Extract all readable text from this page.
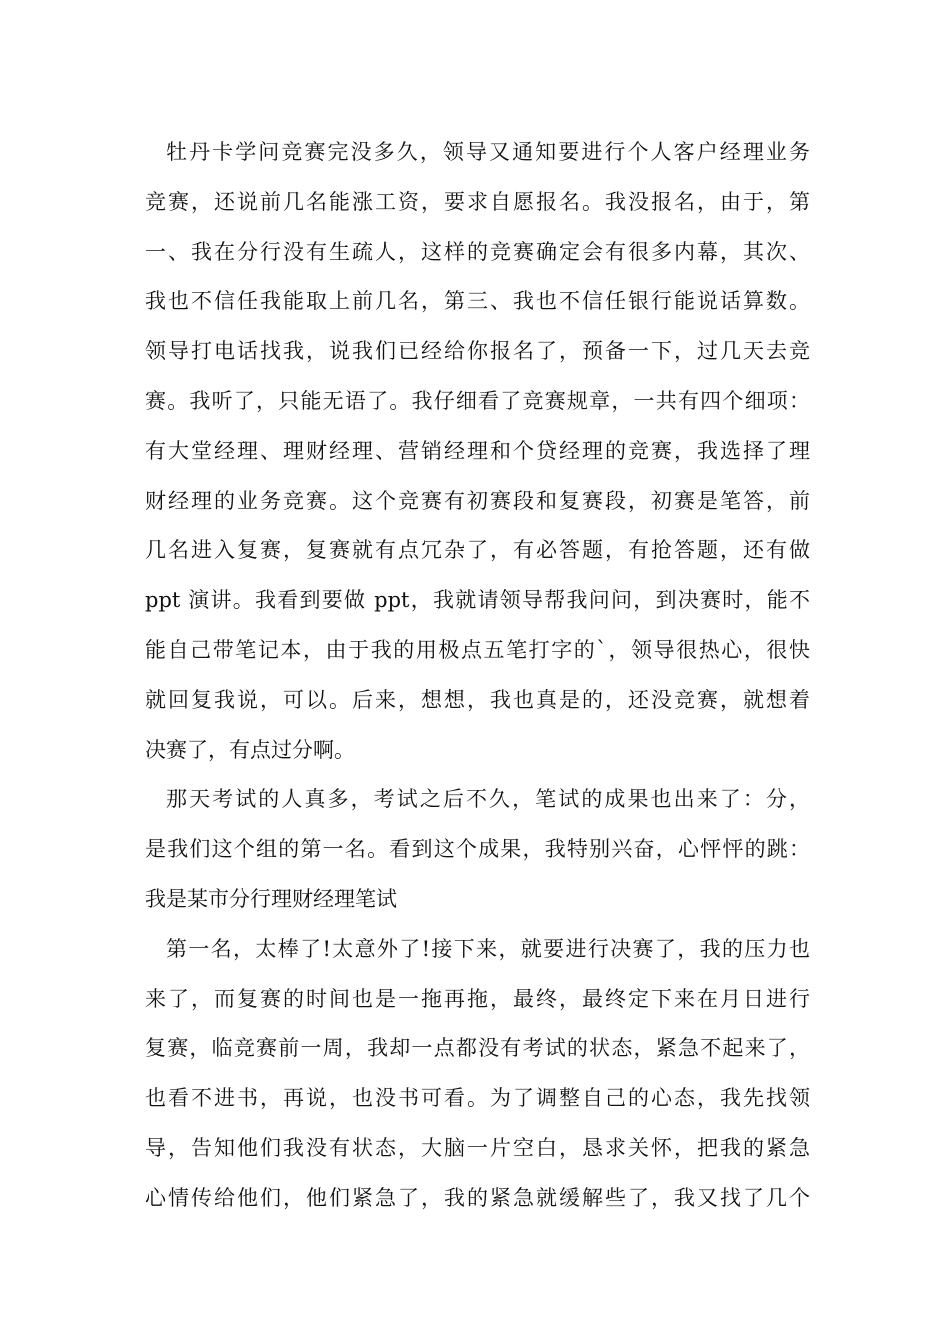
牡丹卡学问竞赛完没多久，领导又通知要进行个人客户经理业务
竞赛，还说前几名能涨工资，要求自愿报名。我没报名，由于，第
一、我在分行没有生疏人，这样的竞赛确定会有很多内幕，其次、
我也不信任我能取上前几名，第三、我也不信任银行能说话算数。
领导打电话找我，说我们已经给你报名了，预备一下，过几天去竞
赛。我听了，只能无语了。我仔细看了竞赛规章，一共有四个细项：
有大堂经理、理财经理、营销经理和个贷经理的竞赛，我选择了理
财经理的业务竞赛。这个竞赛有初赛段和复赛段，初赛是笔答，前
几名进入复赛，复赛就有点冗杂了，有必答题，有抢答题，还有做
ppt 演讲。我看到要做 ppt，我就请领导帮我问问，到决赛时，能不
能自己带笔记本，由于我的用极点五笔打字的`，领导很热心，很快
就回复我说，可以。后来，想想，我也真是的，还没竞赛，就想着
决赛了，有点过分啊。
那天考试的人真多，考试之后不久，笔试的成果也出来了：分，
是我们这个组的第一名。看到这个成果，我特别兴奋，心怦怦的跳：
我是某市分行理财经理笔试
第一名，太棒了!太意外了!接下来，就要进行决赛了，我的压力也
来了，而复赛的时间也是一拖再拖，最终，最终定下来在月日进行
复赛，临竞赛前一周，我却一点都没有考试的状态，紧急不起来了，
也看不进书，再说，也没书可看。为了调整自己的心态，我先找领
导，告知他们我没有状态，大脑一片空白，恳求关怀，把我的紧急
心情传给他们，他们紧急了，我的紧急就缓解些了，我又找了几个
